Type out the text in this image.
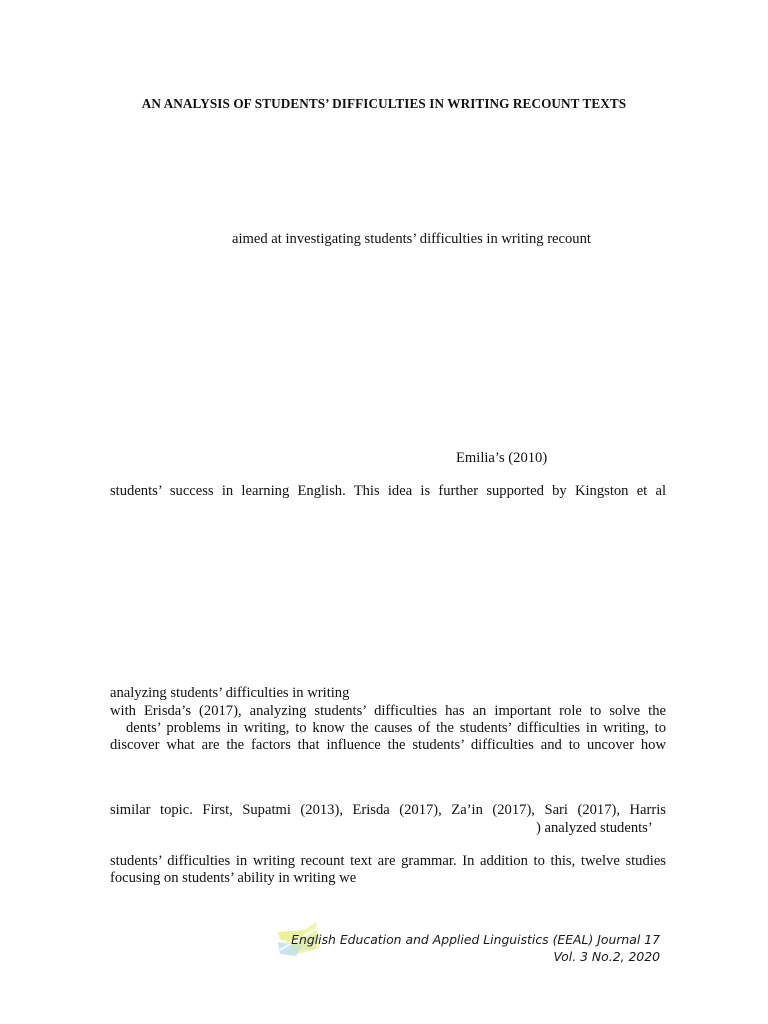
AN ANALYSIS OF STUDENTS’ DIFFICULTIES IN WRITING RECOUNT TEXTS
aimed at investigating students’ difficulties in writing recount
Emilia’s (2010)
students’ success in learning English. This idea is further supported by Kingston et al
analyzing students’ difficulties in writing
with Erisda’s (2017), analyzing students’ difficulties has an important role to solve the
dents’ problems in writing, to know the causes of the students’ difficulties in writing, to
discover what are the factors that influence the students’ difficulties and to uncover how
similar topic. First, Supatmi (2013), Erisda (2017), Za’in (2017), Sari (2017), Harris
) analyzed students’
students’ difficulties in writing recount text are grammar. In addition to this, twelve studies
focusing on students’ ability in writing we
English Education and Applied Linguistics (EEAL) Journal 17
Vol. 3 No.2, 2020
